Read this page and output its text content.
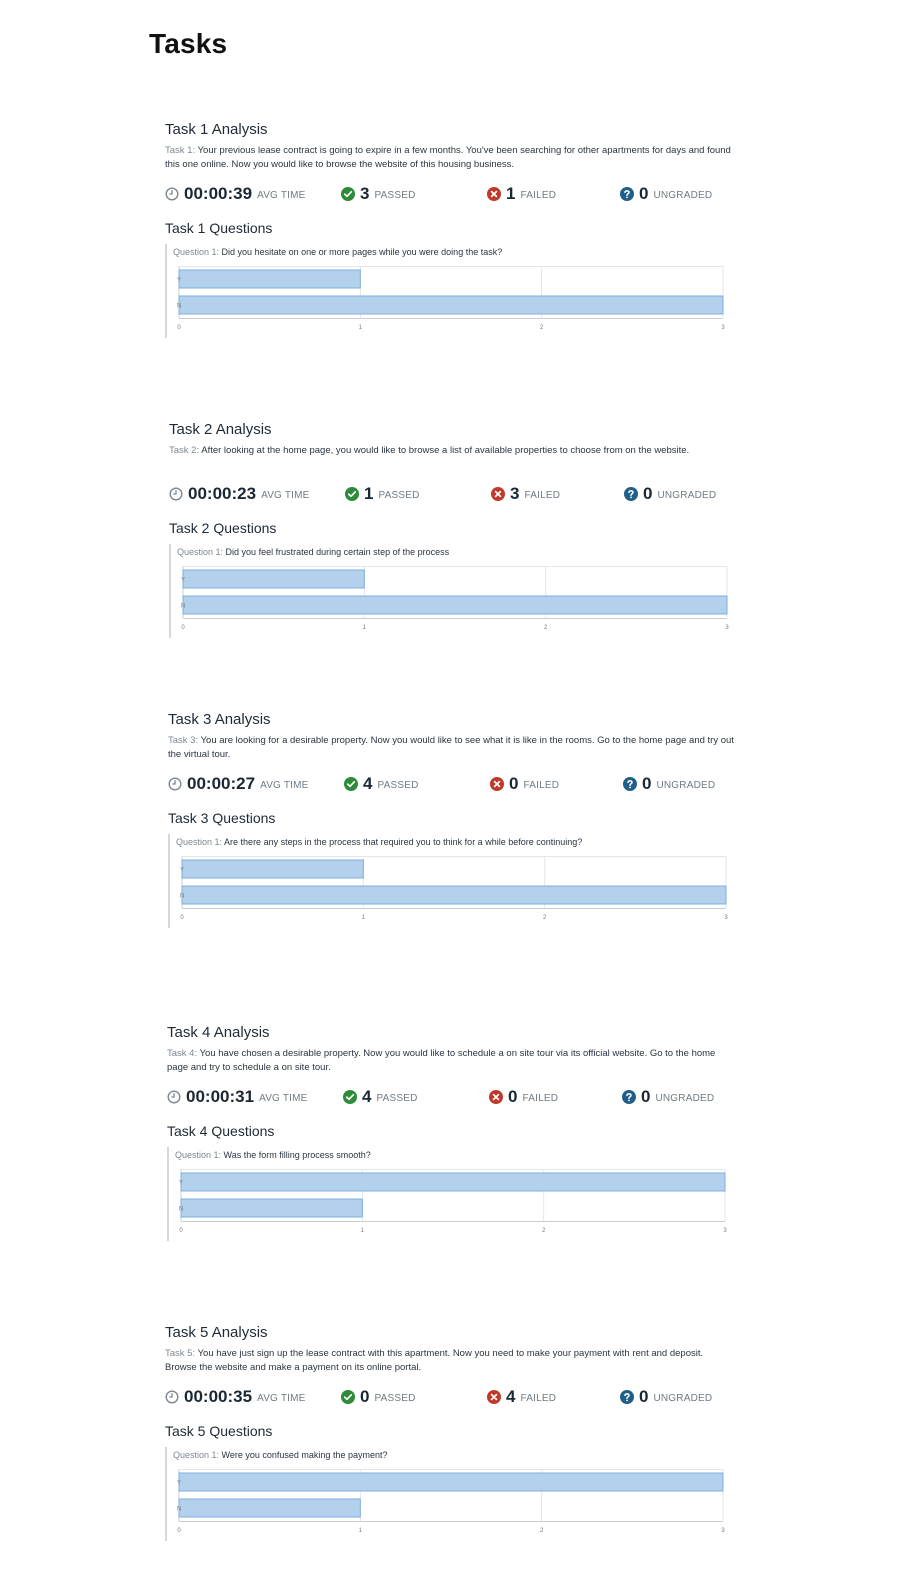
Tasks
Task 1 Analysis
Task 1: Your previous lease contract is going to expire in a few months. You've been searching for other apartments for days and found this one online. Now you would like to browse the website of this housing business.
00:00:39 AVG TIME	3 PASSED	1 FAILED	0 UNGRADED
Task 1 Questions
Question 1: Did you hesitate on one or more pages while you were doing the task?
Y
N
0	1	2	3
Task 2 Analysis
Task 2: After looking at the home page, you would like to browse a list of available properties to choose from on the website.
00:00:23 AVG TIME	1 PASSED	3 FAILED	0 UNGRADED
Task 2 Questions
Question 1: Did you feel frustrated during certain step of the process
Y
N
0	1	2	3
Task 3 Analysis
Task 3: You are looking for a desirable property. Now you would like to see what it is like in the rooms. Go to the home page and try out the virtual tour.
00:00:27 AVG TIME	4 PASSED	0 FAILED	0 UNGRADED
Task 3 Questions
Question 1: Are there any steps in the process that required you to think for a while before continuing?
Y
N
0	1	2	3
Task 4 Analysis
Task 4: You have chosen a desirable property. Now you would like to schedule a on site tour via its official website. Go to the home page and try to schedule a on site tour.
00:00:31 AVG TIME	4 PASSED	0 FAILED	0 UNGRADED
Task 4 Questions
Question 1: Was the form filling process smooth?
Y
N
0	1	2	3
Task 5 Analysis
Task 5: You have just sign up the lease contract with this apartment. Now you need to make your payment with rent and deposit. Browse the website and make a payment on its online portal.
00:00:35 AVG TIME	0 PASSED	4 FAILED	0 UNGRADED
Task 5 Questions
Question 1: Were you confused making the payment?
Y
N
0	1	2	3
